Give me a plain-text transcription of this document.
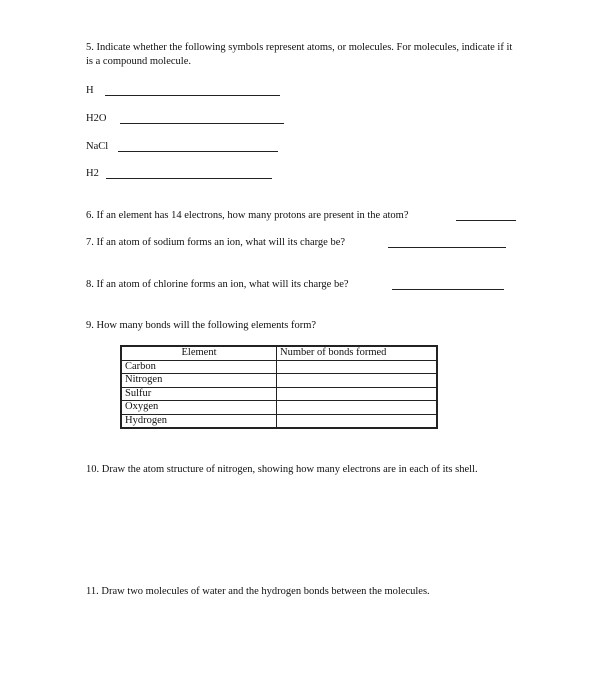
5. Indicate whether the following symbols represent atoms, or molecules. For molecules, indicate if it is a compound molecule.
H
H2O
NaCl
H2
6. If an element has 14 electrons, how many protons are present in the atom?
7. If an atom of sodium forms an ion, what will its charge be?
8. If an atom of chlorine forms an ion, what will its charge be?
9. How many bonds will the following elements form?
Element	Number of bonds formed
Carbon	
Nitrogen	
Sulfur	
Oxygen	
Hydrogen	
10. Draw the atom structure of nitrogen, showing how many electrons are in each of its shell.
11. Draw two molecules of water and the hydrogen bonds between the molecules.
